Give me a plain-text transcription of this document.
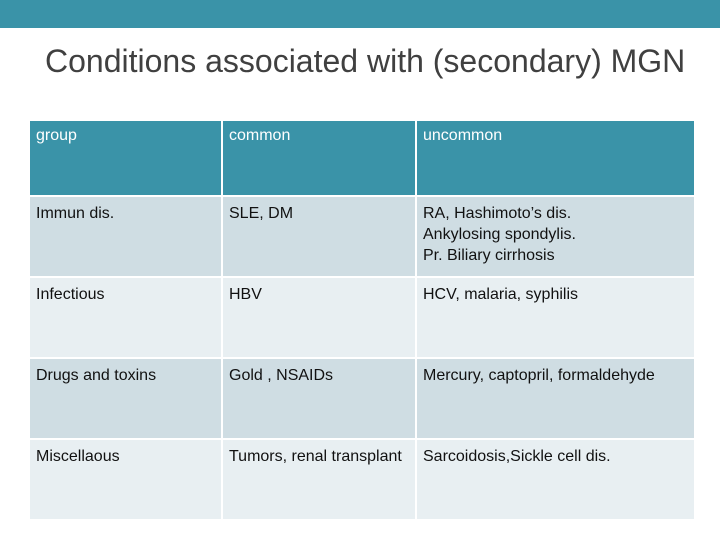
Conditions associated with (secondary) MGN
group	common	uncommon
Immun dis.	SLE, DM	RA, Hashimoto’s dis.
Ankylosing spondylis.
Pr. Biliary cirrhosis

Infectious	HBV	HCV, malaria, syphilis

Drugs and toxins	Gold , NSAIDs	Mercury, captopril, formaldehyde

Miscellaous	Tumors, renal transplant	Sarcoidosis,Sickle cell dis.
